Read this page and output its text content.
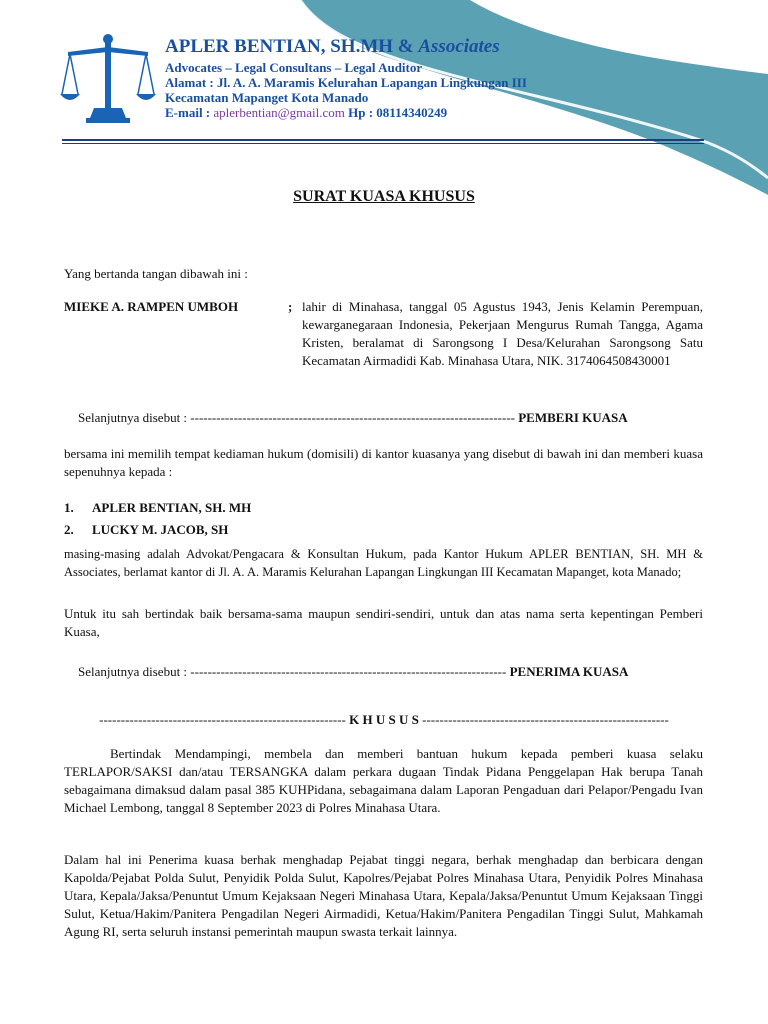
APLER BENTIAN, SH.MH & Associates
Advocates – Legal Consultans – Legal Auditor
Alamat : Jl. A. A. Maramis Kelurahan Lapangan Lingkungan III
Kecamatan Mapanget Kota Manado
E-mail : aplerbentian@gmail.com Hp : 08114340249
SURAT KUASA KHUSUS
Yang bertanda tangan dibawah ini :
MIEKE A. RAMPEN UMBOH	; lahir di Minahasa, tanggal 05 Agustus 1943, Jenis Kelamin Perempuan, kewarganegaraan Indonesia, Pekerjaan Mengurus Rumah Tangga, Agama Kristen, beralamat di Sarongsong I Desa/Kelurahan Sarongsong Satu Kecamatan Airmadidi Kab. Minahasa Utara, NIK. 3174064508430001
Selanjutnya disebut : --------------------------------------------------------------------------- PEMBERI KUASA
bersama ini memilih tempat kediaman hukum (domisili) di kantor kuasanya yang disebut di bawah ini dan memberi kuasa sepenuhnya kepada :
1. APLER BENTIAN, SH. MH
2. LUCKY M. JACOB, SH
masing-masing adalah Advokat/Pengacara & Konsultan Hukum, pada Kantor Hukum APLER BENTIAN, SH. MH & Associates, berlamat kantor di Jl. A. A. Maramis Kelurahan Lapangan Lingkungan III Kecamatan Mapanget, kota Manado;
Untuk itu sah bertindak baik bersama-sama maupun sendiri-sendiri, untuk dan atas nama serta kepentingan Pemberi Kuasa,
Selanjutnya disebut : ------------------------------------------------------------------------- PENERIMA KUASA
--------------------------------------------------------- K H U S U S ---------------------------------------------------------
Bertindak Mendampingi, membela dan memberi bantuan hukum kepada pemberi kuasa selaku TERLAPOR/SAKSI dan/atau TERSANGKA dalam perkara dugaan Tindak Pidana Penggelapan Hak berupa Tanah sebagaimana dimaksud dalam pasal 385 KUHPidana, sebagaimana dalam Laporan Pengaduan dari Pelapor/Pengadu Ivan Michael Lembong, tanggal 8 September 2023 di Polres Minahasa Utara.
Dalam hal ini Penerima kuasa berhak menghadap Pejabat tinggi negara, berhak menghadap dan berbicara dengan Kapolda/Pejabat Polda Sulut, Penyidik Polda Sulut, Kapolres/Pejabat Polres Minahasa Utara, Penyidik Polres Minahasa Utara, Kepala/Jaksa/Penuntut Umum Kejaksaan Negeri Minahasa Utara, Kepala/Jaksa/Penuntut Umum Kejaksaan Tinggi Sulut, Ketua/Hakim/Panitera Pengadilan Negeri Airmadidi, Ketua/Hakim/Panitera Pengadilan Tinggi Sulut, Mahkamah Agung RI, serta seluruh instansi pemerintah maupun swasta terkait lainnya.
